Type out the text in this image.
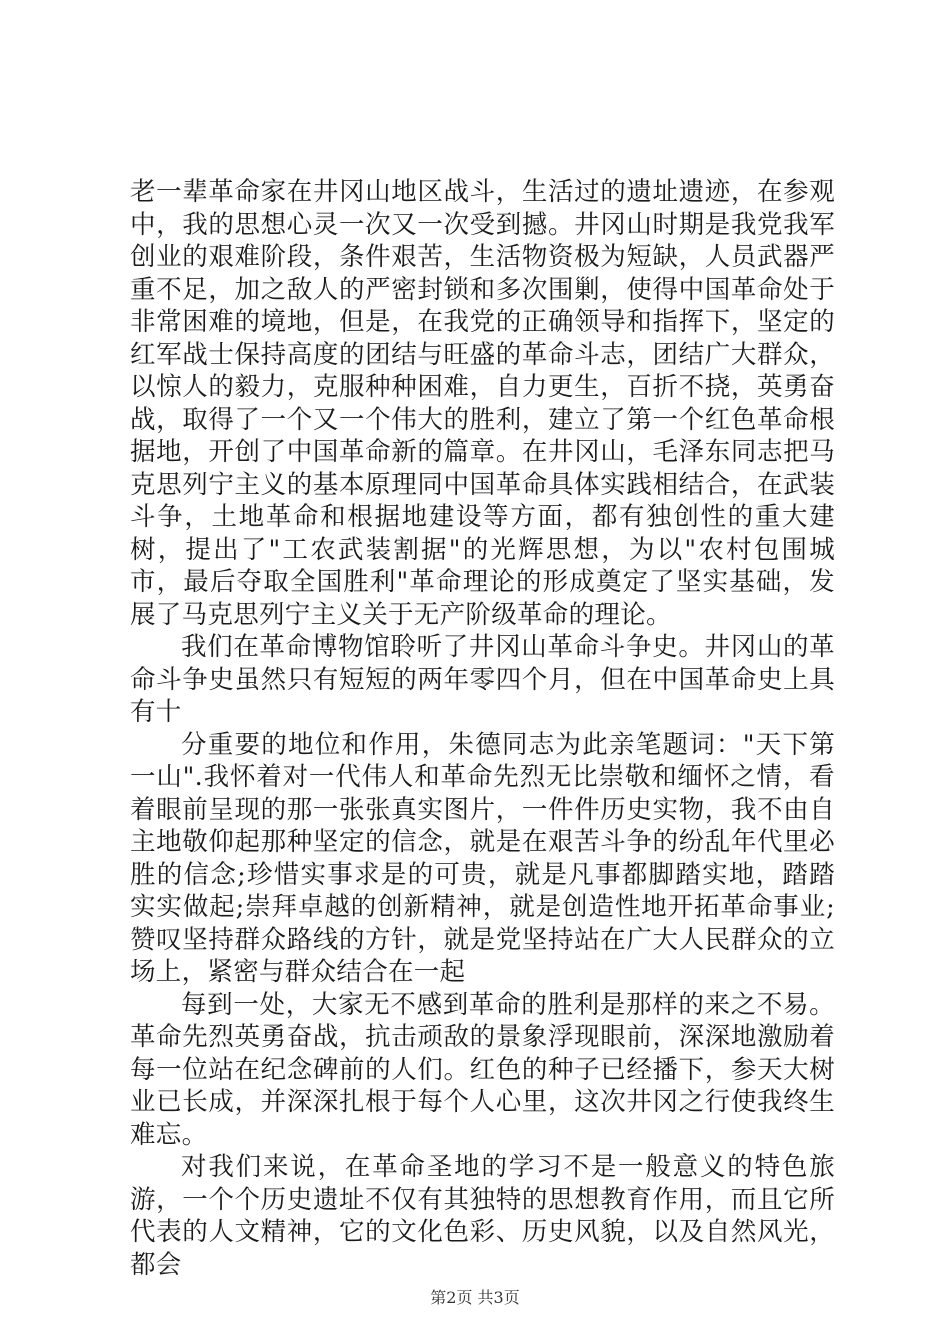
老一辈革命家在井冈山地区战斗，生活过的遗址遗迹，在参观中，我的思想心灵一次又一次受到撼。井冈山时期是我党我军创业的艰难阶段，条件艰苦，生活物资极为短缺，人员武器严重不足，加之敌人的严密封锁和多次围剿，使得中国革命处于非常困难的境地，但是，在我党的正确领导和指挥下，坚定的红军战士保持高度的团结与旺盛的革命斗志，团结广大群众，以惊人的毅力，克服种种困难，自力更生，百折不挠，英勇奋战，取得了一个又一个伟大的胜利，建立了第一个红色革命根据地，开创了中国革命新的篇章。在井冈山，毛泽东同志把马克思列宁主义的基本原理同中国革命具体实践相结合，在武装斗争，土地革命和根据地建设等方面，都有独创性的重大建树，提出了"工农武装割据"的光辉思想，为以"农村包围城市，最后夺取全国胜利"革命理论的形成奠定了坚实基础，发展了马克思列宁主义关于无产阶级革命的理论。

我们在革命博物馆聆听了井冈山革命斗争史。井冈山的革命斗争史虽然只有短短的两年零四个月，但在中国革命史上具有十

分重要的地位和作用，朱德同志为此亲笔题词："天下第一山".我怀着对一代伟人和革命先烈无比崇敬和缅怀之情，看着眼前呈现的那一张张真实图片，一件件历史实物，我不由自主地敬仰起那种坚定的信念，就是在艰苦斗争的纷乱年代里必胜的信念;珍惜实事求是的可贵，就是凡事都脚踏实地，踏踏实实做起;崇拜卓越的创新精神，就是创造性地开拓革命事业;赞叹坚持群众路线的方针，就是党坚持站在广大人民群众的立场上，紧密与群众结合在一起

每到一处，大家无不感到革命的胜利是那样的来之不易。革命先烈英勇奋战，抗击顽敌的景象浮现眼前，深深地激励着每一位站在纪念碑前的人们。红色的种子已经播下，参天大树业已长成，并深深扎根于每个人心里，这次井冈之行使我终生难忘。

对我们来说，在革命圣地的学习不是一般意义的特色旅游，一个个历史遗址不仅有其独特的思想教育作用，而且它所代表的人文精神，它的文化色彩、历史风貌，以及自然风光，都会

第2页 共3页
